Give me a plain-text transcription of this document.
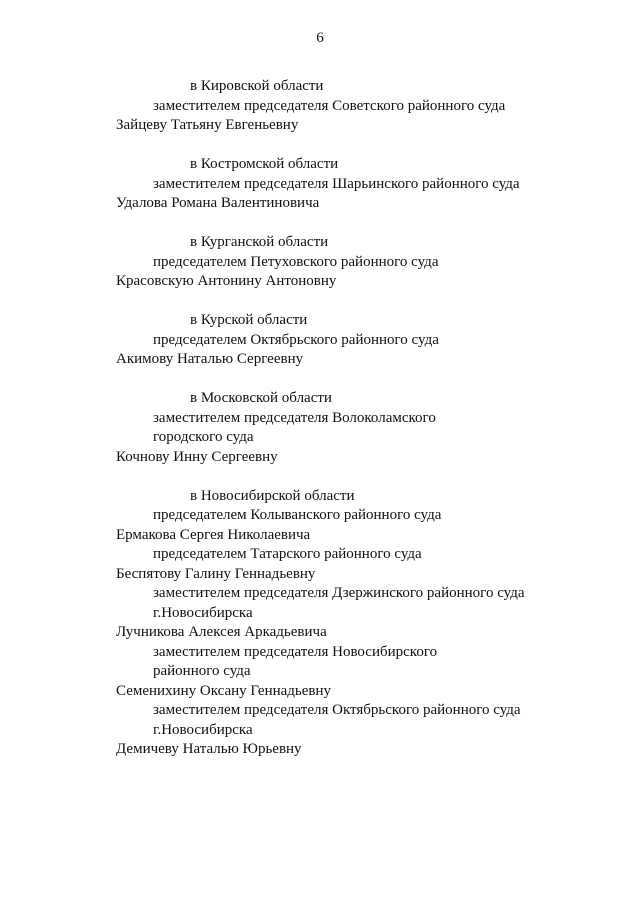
6
в Кировской области
заместителем председателя Советского районного суда
Зайцеву Татьяну Евгеньевну
в Костромской области
заместителем председателя Шарьинского районного суда
Удалова Романа Валентиновича
в Курганской области
председателем Петуховского районного суда
Красовскую Антонину Антоновну
в Курской области
председателем Октябрьского районного суда
Акимову Наталью Сергеевну
в Московской области
заместителем председателя Волоколамского
городского суда
Кочнову Инну Сергеевну
в Новосибирской области
председателем Колыванского районного суда
Ермакова Сергея Николаевича
председателем Татарского районного суда
Беспятову Галину Геннадьевну
заместителем председателя Дзержинского районного суда
г.Новосибирска
Лучникова Алексея Аркадьевича
заместителем председателя Новосибирского
районного суда
Семенихину Оксану Геннадьевну
заместителем председателя Октябрьского районного суда
г.Новосибирска
Демичеву Наталью Юрьевну
